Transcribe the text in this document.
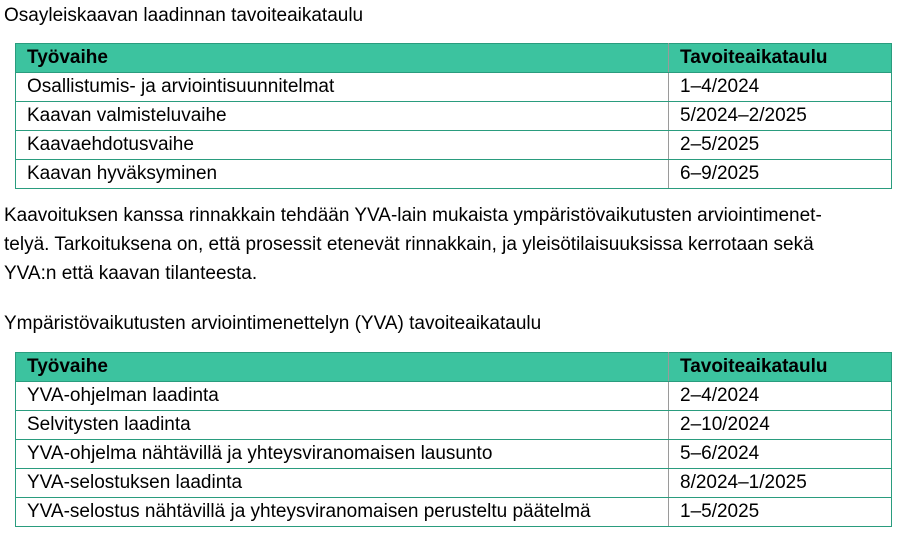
Osayleiskaavan laadinnan tavoiteaikataulu
Työvaihe	Tavoiteaikataulu
Osallistumis- ja arviointisuunnitelmat	1–4/2024
Kaavan valmisteluvaihe	5/2024–2/2025
Kaavaehdotusvaihe	2–5/2025
Kaavan hyväksyminen	6–9/2025

Kaavoituksen kanssa rinnakkain tehdään YVA-lain mukaista ympäristövaikutusten arviointimenet-
telyä. Tarkoituksena on, että prosessit etenevät rinnakkain, ja yleisötilaisuuksissa kerrotaan sekä
YVA:n että kaavan tilanteesta.

Ympäristövaikutusten arviointimenettelyn (YVA) tavoiteaikataulu
Työvaihe	Tavoiteaikataulu
YVA-ohjelman laadinta	2–4/2024
Selvitysten laadinta	2–10/2024
YVA-ohjelma nähtävillä ja yhteysviranomaisen lausunto	5–6/2024
YVA-selostuksen laadinta	8/2024–1/2025
YVA-selostus nähtävillä ja yhteysviranomaisen perusteltu päätelmä	1–5/2025
